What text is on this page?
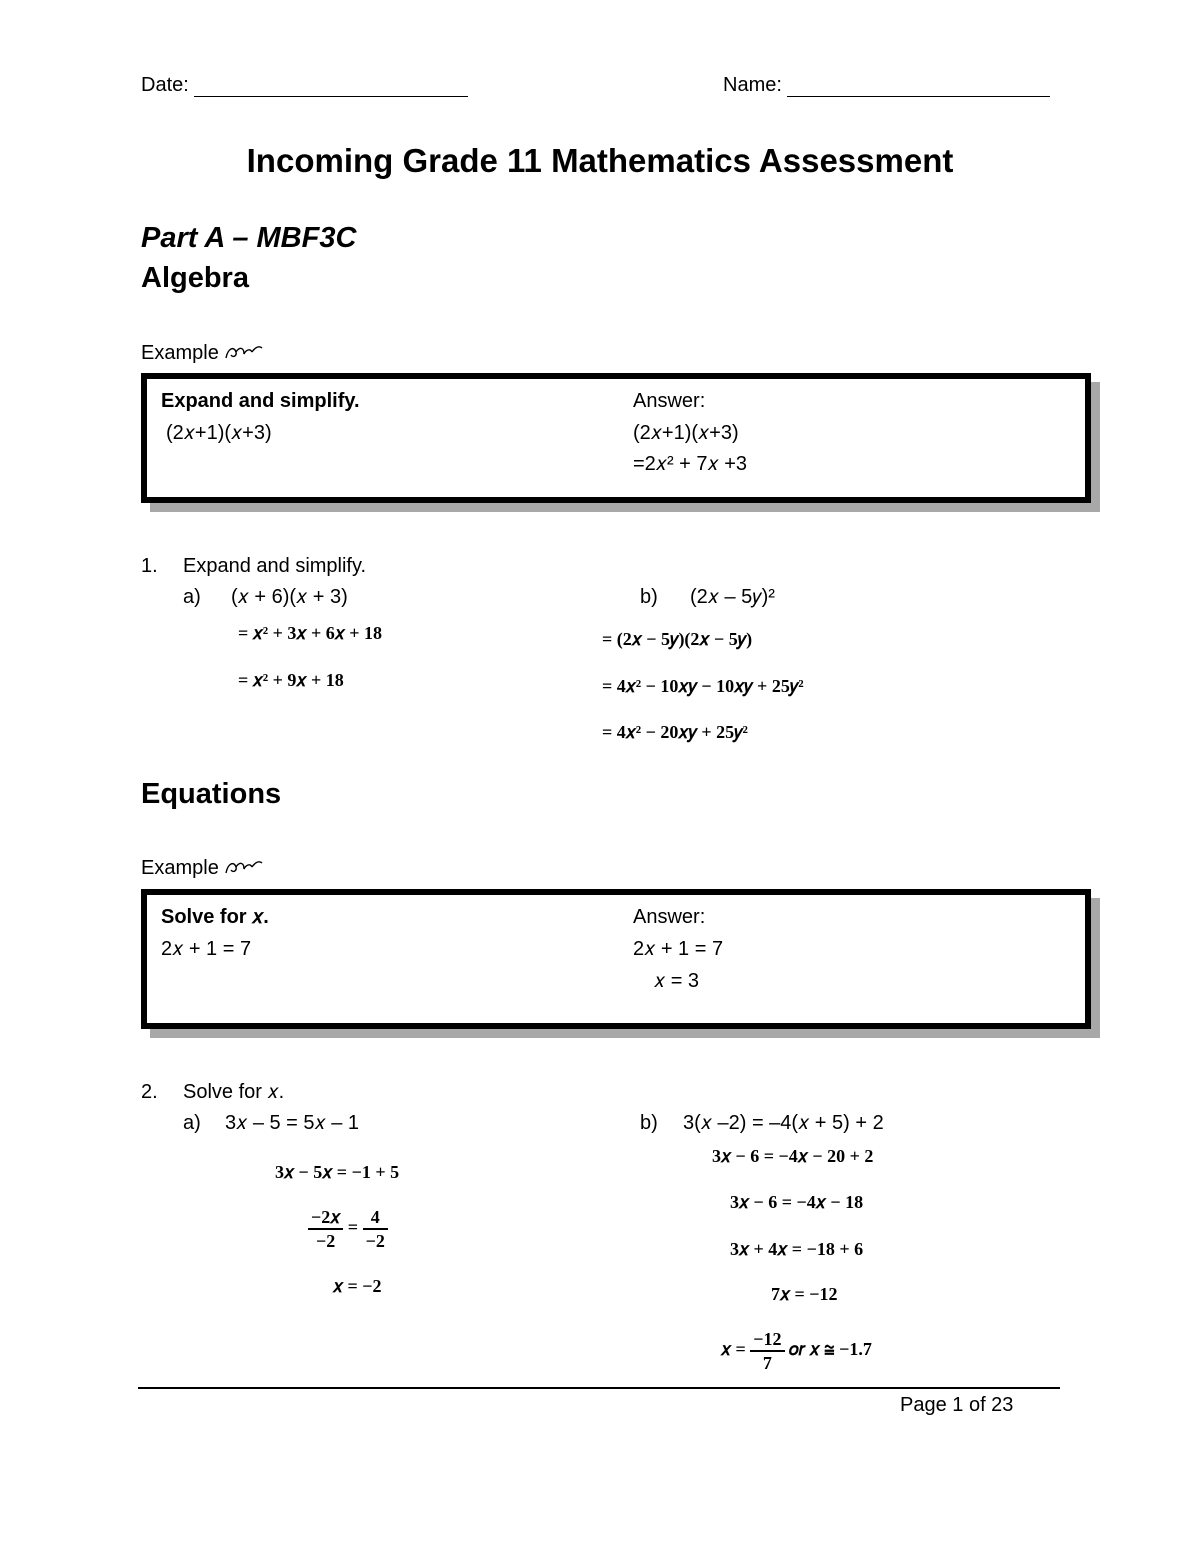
Date:	Name:
Incoming Grade 11 Mathematics Assessment
Part A – MBF3C
Algebra
Example
Expand and simplify.
(2𝑥+1)(𝑥+3)
Answer:
(2𝑥+1)(𝑥+3)
=2𝑥² + 7𝑥 +3
1. Expand and simplify.
a) (𝑥 + 6)(𝑥 + 3)	b) (2𝑥 – 5𝑦)²
= 𝑥² + 3𝑥 + 6𝑥 + 18
= 𝑥² + 9𝑥 + 18
= (2𝑥 − 5𝑦)(2𝑥 − 5𝑦)
= 4𝑥² − 10𝑥𝑦 − 10𝑥𝑦 + 25𝑦²
= 4𝑥² − 20𝑥𝑦 + 25𝑦²
Equations
Example
Solve for 𝑥.
2𝑥 + 1 = 7
Answer:
2𝑥 + 1 = 7
𝑥 = 3
2. Solve for 𝑥.
a) 3𝑥 – 5 = 5𝑥 – 1	b) 3(𝑥 –2) = –4(𝑥 + 5) + 2
3𝑥 − 5𝑥 = −1 + 5
$\frac{\text{−2𝑥}}{-2} = \frac{4}{-2}$
𝑥 = −2
3𝑥 − 6 = −4𝑥 − 20 + 2
3𝑥 − 6 = −4𝑥 − 18
3𝑥 + 4𝑥 = −18 + 6
7𝑥 = −12
𝑥 = $\frac{-12}{7}$ 𝑜𝑟 𝑥 ≅ −1.7
Page 1 of 23
